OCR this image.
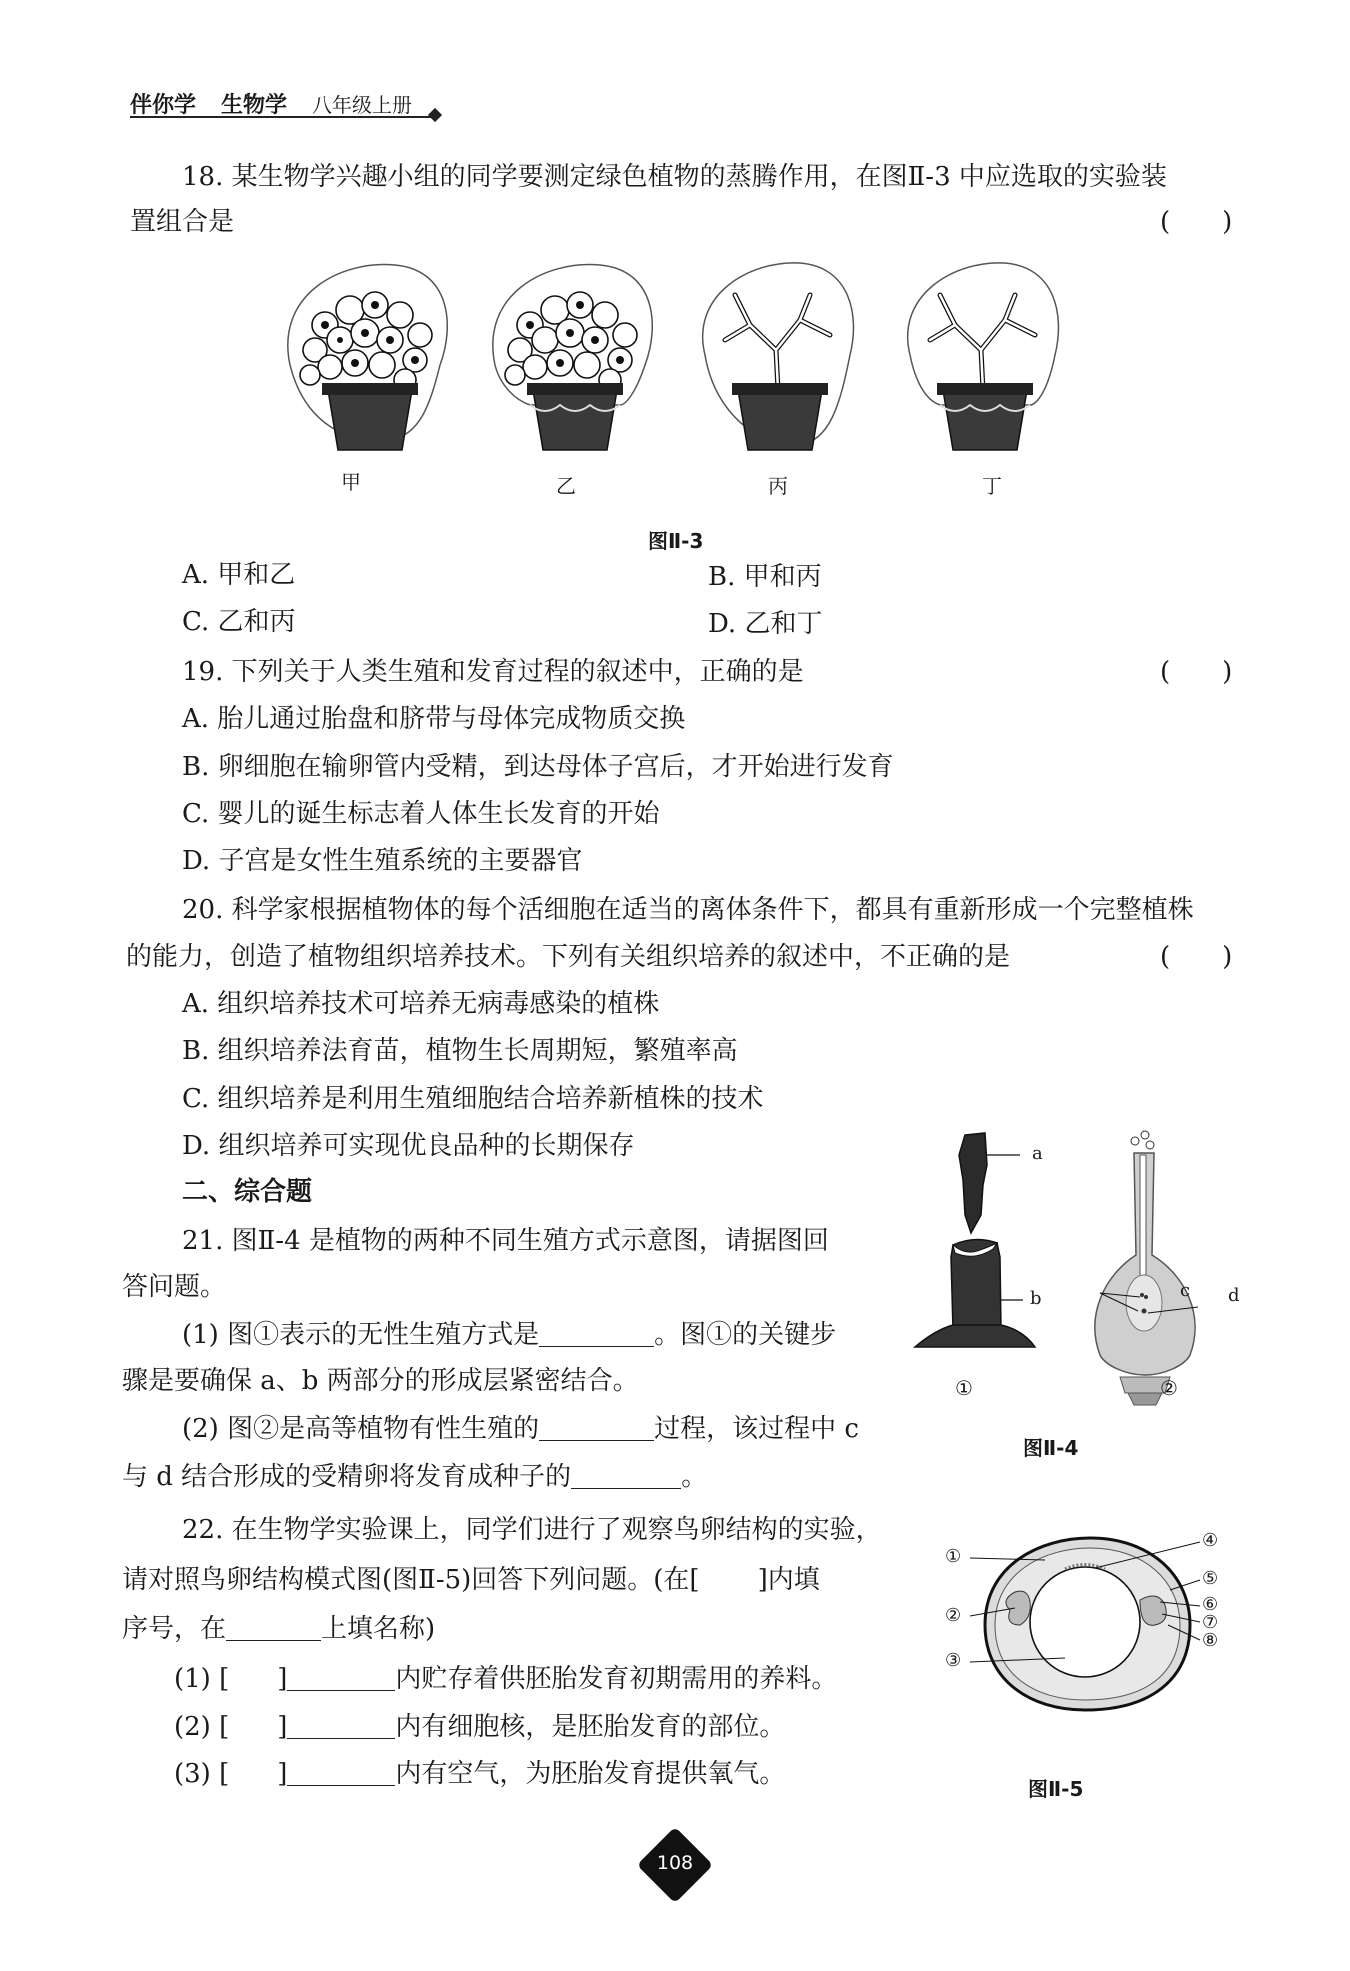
伴你学 生物学 八年级上册
18. 某生物学兴趣小组的同学要测定绿色植物的蒸腾作用，在图Ⅱ-3 中应选取的实验装
置组合是	(　　)
甲	乙	丙	丁
图Ⅱ-3
A. 甲和乙	B. 甲和丙
C. 乙和丙	D. 乙和丁
19. 下列关于人类生殖和发育过程的叙述中，正确的是	(　　)
A. 胎儿通过胎盘和脐带与母体完成物质交换
B. 卵细胞在输卵管内受精，到达母体子宫后，才开始进行发育
C. 婴儿的诞生标志着人体生长发育的开始
D. 子宫是女性生殖系统的主要器官
20. 科学家根据植物体的每个活细胞在适当的离体条件下，都具有重新形成一个完整植株
的能力，创造了植物组织培养技术。下列有关组织培养的叙述中，不正确的是	(　　)
A. 组织培养技术可培养无病毒感染的植株
B. 组织培养法育苗，植物生长周期短，繁殖率高
C. 组织培养是利用生殖细胞结合培养新植株的技术
D. 组织培养可实现优良品种的长期保存
二、综合题
21. 图Ⅱ-4 是植物的两种不同生殖方式示意图，请据图回
答问题。
(1) 图①表示的无性生殖方式是	。图①的关键步
骤是要确保 a、b 两部分的形成层紧密结合。
(2) 图②是高等植物有性生殖的	过程，该过程中 c
与 d 结合形成的受精卵将发育成种子的	。
a
b	c d
①	②
图Ⅱ-4
22. 在生物学实验课上，同学们进行了观察鸟卵结构的实验，
请对照鸟卵结构模式图(图Ⅱ-5)回答下列问题。(在[ ]内填
序号，在	上填名称)
(1) [ ]	内贮存着供胚胎发育初期需用的养料。
(2) [ ]	内有细胞核，是胚胎发育的部位。
(3) [ ]	内有空气，为胚胎发育提供氧气。
①
②
③
④
⑤
⑥
⑦
⑧
图Ⅱ-5
108
